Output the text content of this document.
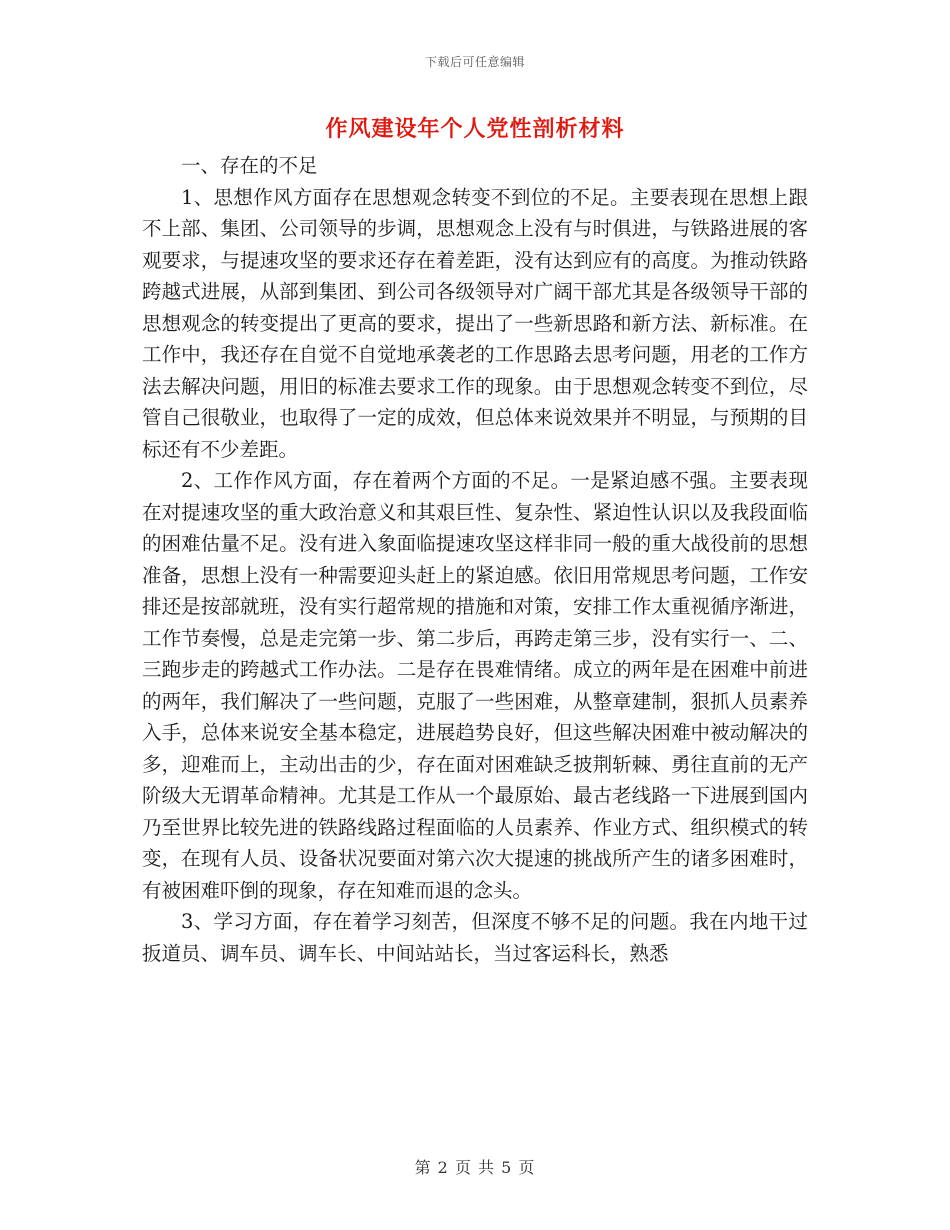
下载后可任意编辑
作风建设年个人党性剖析材料

一、存在的不足

1、思想作风方面存在思想观念转变不到位的不足。主要表现在思想上跟不上部、集团、公司领导的步调，思想观念上没有与时俱进，与铁路进展的客观要求，与提速攻坚的要求还存在着差距，没有达到应有的高度。为推动铁路跨越式进展，从部到集团、到公司各级领导对广阔干部尤其是各级领导干部的思想观念的转变提出了更高的要求，提出了一些新思路和新方法、新标准。在工作中，我还存在自觉不自觉地承袭老的工作思路去思考问题，用老的工作方法去解决问题，用旧的标准去要求工作的现象。由于思想观念转变不到位，尽管自己很敬业，也取得了一定的成效，但总体来说效果并不明显，与预期的目标还有不少差距。

2、工作作风方面，存在着两个方面的不足。一是紧迫感不强。主要表现在对提速攻坚的重大政治意义和其艰巨性、复杂性、紧迫性认识以及我段面临的困难估量不足。没有进入象面临提速攻坚这样非同一般的重大战役前的思想准备，思想上没有一种需要迎头赶上的紧迫感。依旧用常规思考问题，工作安排还是按部就班，没有实行超常规的措施和对策，安排工作太重视循序渐进，工作节奏慢，总是走完第一步、第二步后，再跨走第三步，没有实行一、二、三跑步走的跨越式工作办法。二是存在畏难情绪。成立的两年是在困难中前进的两年，我们解决了一些问题，克服了一些困难，从整章建制，狠抓人员素养入手，总体来说安全基本稳定，进展趋势良好，但这些解决困难中被动解决的多，迎难而上，主动出击的少，存在面对困难缺乏披荆斩棘、勇往直前的无产阶级大无谓革命精神。尤其是工作从一个最原始、最古老线路一下进展到国内乃至世界比较先进的铁路线路过程面临的人员素养、作业方式、组织模式的转变，在现有人员、设备状况要面对第六次大提速的挑战所产生的诸多困难时，有被困难吓倒的现象，存在知难而退的念头。

3、学习方面，存在着学习刻苦，但深度不够不足的问题。我在内地干过扳道员、调车员、调车长、中间站站长，当过客运科长，熟悉

第 2 页 共 5 页
